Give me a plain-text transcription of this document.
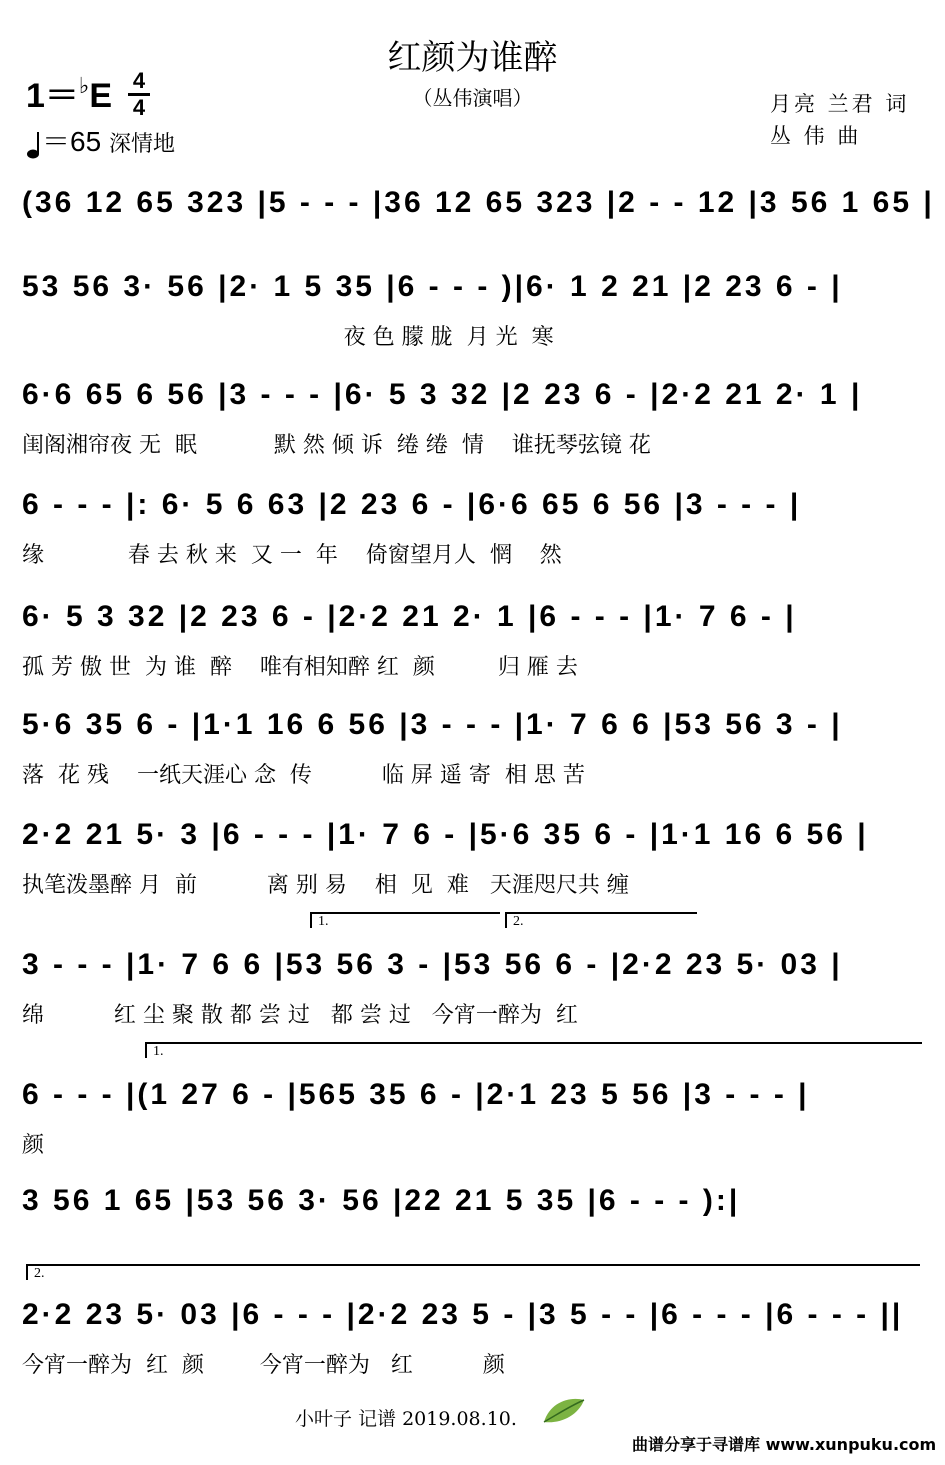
红颜为谁醉
（丛伟演唱）
1＝♭E 4
4
＝65 深情地
月亮 兰君 词
丛 伟 曲
(36 12 65 323 |5 - - - |36 12 65 323 |2 - - 12 |3 56 1 65 |
53 56 3· 56 |2· 1 5 35 |6 - - - )|6· 1 2 21 |2 23 6 - |
夜 色 朦 胧  月 光  寒
6·6 65 6 56 |3 - - - |6· 5 3 32 |2 23 6 - |2·2 21 2· 1 |
闺阁湘帘夜 无  眠           默 然 倾 诉  绻 绻  情    谁抚琴弦镜 花
6 - - - |: 6· 5 6 63 |2 23 6 - |6·6 65 6 56 |3 - - - |
缘            春 去 秋 来  又 一  年    倚窗望月人  惘    然
6· 5 3 32 |2 23 6 - |2·2 21 2· 1 |6 - - - |1· 7 6 - |
孤 芳 傲 世  为 谁  醉    唯有相知醉 红  颜         归 雁 去
5·6 35 6 - |1·1 16 6 56 |3 - - - |1· 7 6 6 |53 56 3 - |
落  花 残    一纸天涯心 念  传          临 屏 遥 寄  相 思 苦
2·2 21 5· 3 |6 - - - |1· 7 6 - |5·6 35 6 - |1·1 16 6 56 |
执笔泼墨醉 月  前          离 别 易    相  见  难   天涯咫尺共 缠
1.	2.
3 - - - |1· 7 6 6 |53 56 3 - |53 56 6 - |2·2 23 5· 03 |
绵          红 尘 聚 散 都 尝 过   都 尝 过   今宵一醉为  红
1.
6 - - - |(1 27 6 - |565 35 6 - |2·1 23 5 56 |3 - - - |
颜
3 56 1 65 |53 56 3· 56 |22 21 5 35 |6 - - - ):|
2.
2·2 23 5· 03 |6 - - - |2·2 23 5 - |3 5 - - |6 - - - |6 - - - ||
今宵一醉为  红  颜        今宵一醉为   红          颜
小叶子 记谱 2019.08.10.
曲谱分享于寻谱库 www.xunpuku.com
